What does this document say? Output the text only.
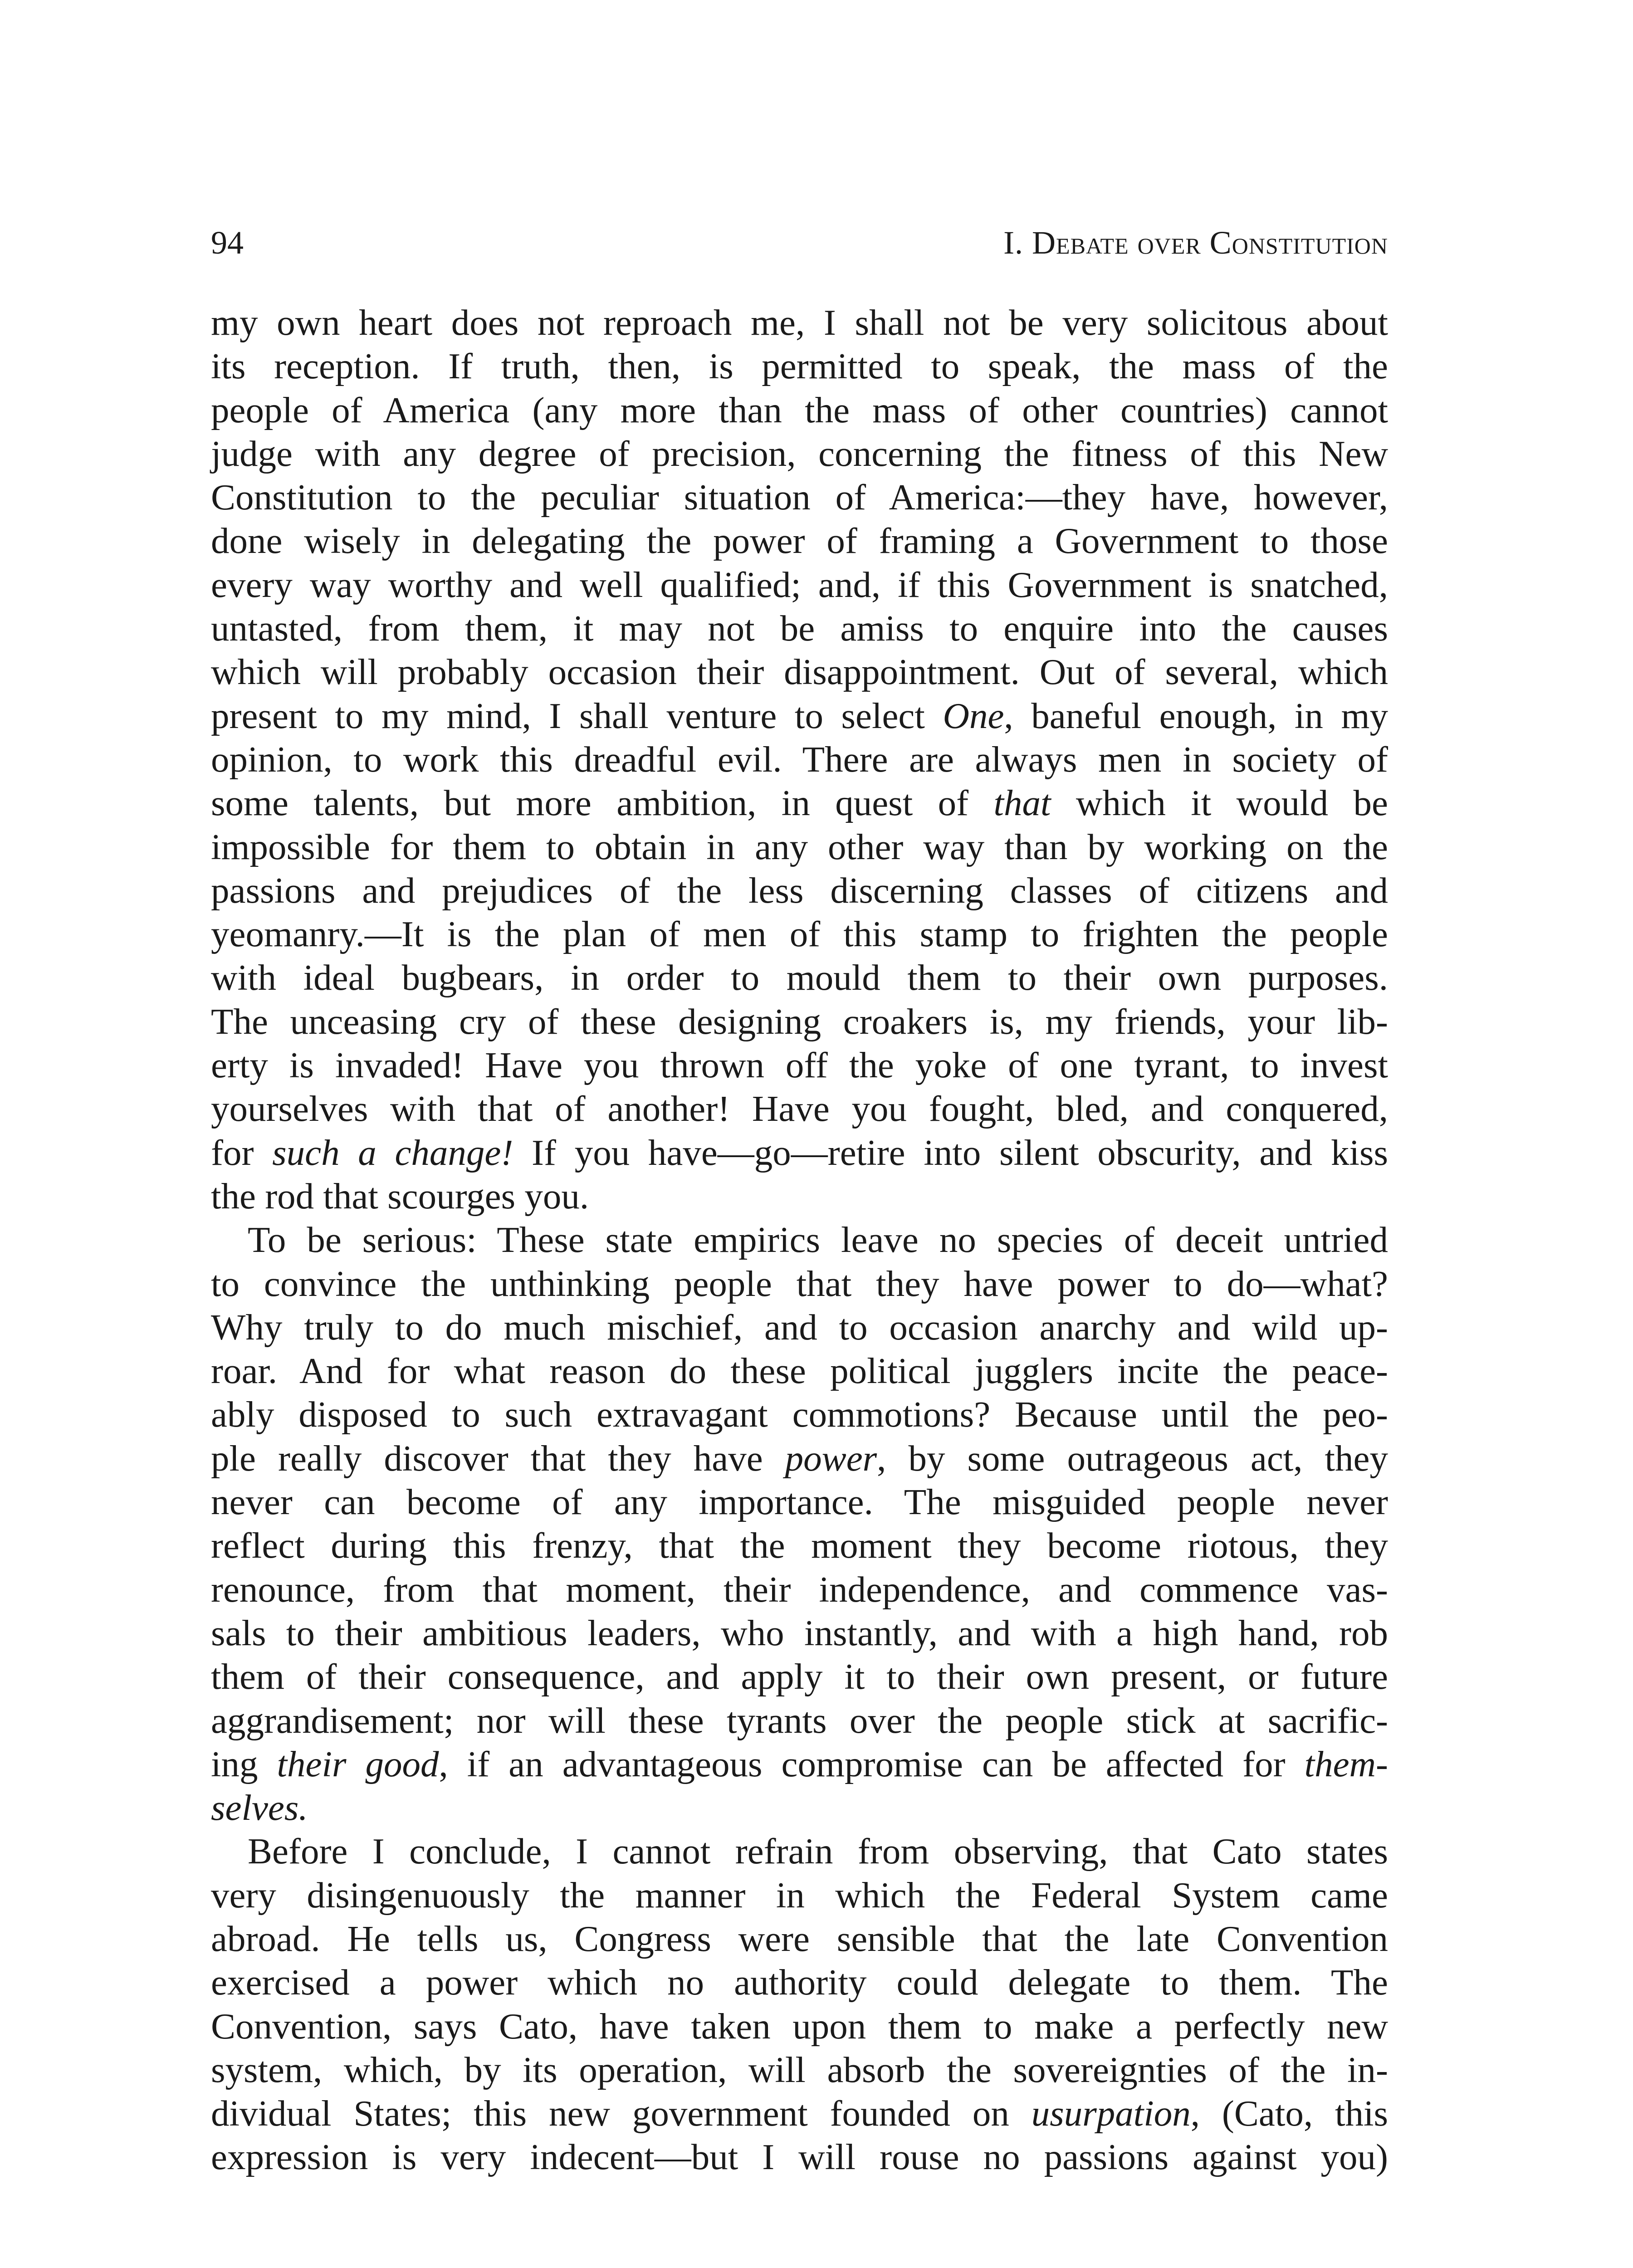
94	I. Debate over Constitution
my own heart does not reproach me, I shall not be very solicitous about
its reception. If truth, then, is permitted to speak, the mass of the
people of America (any more than the mass of other countries) cannot
judge with any degree of precision, concerning the fitness of this New
Constitution to the peculiar situation of America:—they have, however,
done wisely in delegating the power of framing a Government to those
every way worthy and well qualified; and, if this Government is snatched,
untasted, from them, it may not be amiss to enquire into the causes
which will probably occasion their disappointment. Out of several, which
present to my mind, I shall venture to select One, baneful enough, in my
opinion, to work this dreadful evil. There are always men in society of
some talents, but more ambition, in quest of that which it would be
impossible for them to obtain in any other way than by working on the
passions and prejudices of the less discerning classes of citizens and
yeomanry.—It is the plan of men of this stamp to frighten the people
with ideal bugbears, in order to mould them to their own purposes.
The unceasing cry of these designing croakers is, my friends, your lib-
erty is invaded! Have you thrown off the yoke of one tyrant, to invest
yourselves with that of another! Have you fought, bled, and conquered,
for such a change! If you have—go—retire into silent obscurity, and kiss
the rod that scourges you.
To be serious: These state empirics leave no species of deceit untried
to convince the unthinking people that they have power to do—what?
Why truly to do much mischief, and to occasion anarchy and wild up-
roar. And for what reason do these political jugglers incite the peace-
ably disposed to such extravagant commotions? Because until the peo-
ple really discover that they have power, by some outrageous act, they
never can become of any importance. The misguided people never
reflect during this frenzy, that the moment they become riotous, they
renounce, from that moment, their independence, and commence vas-
sals to their ambitious leaders, who instantly, and with a high hand, rob
them of their consequence, and apply it to their own present, or future
aggrandisement; nor will these tyrants over the people stick at sacrific-
ing their good, if an advantageous compromise can be affected for them-
selves.
Before I conclude, I cannot refrain from observing, that Cato states
very disingenuously the manner in which the Federal System came
abroad. He tells us, Congress were sensible that the late Convention
exercised a power which no authority could delegate to them. The
Convention, says Cato, have taken upon them to make a perfectly new
system, which, by its operation, will absorb the sovereignties of the in-
dividual States; this new government founded on usurpation, (Cato, this
expression is very indecent—but I will rouse no passions against you)
